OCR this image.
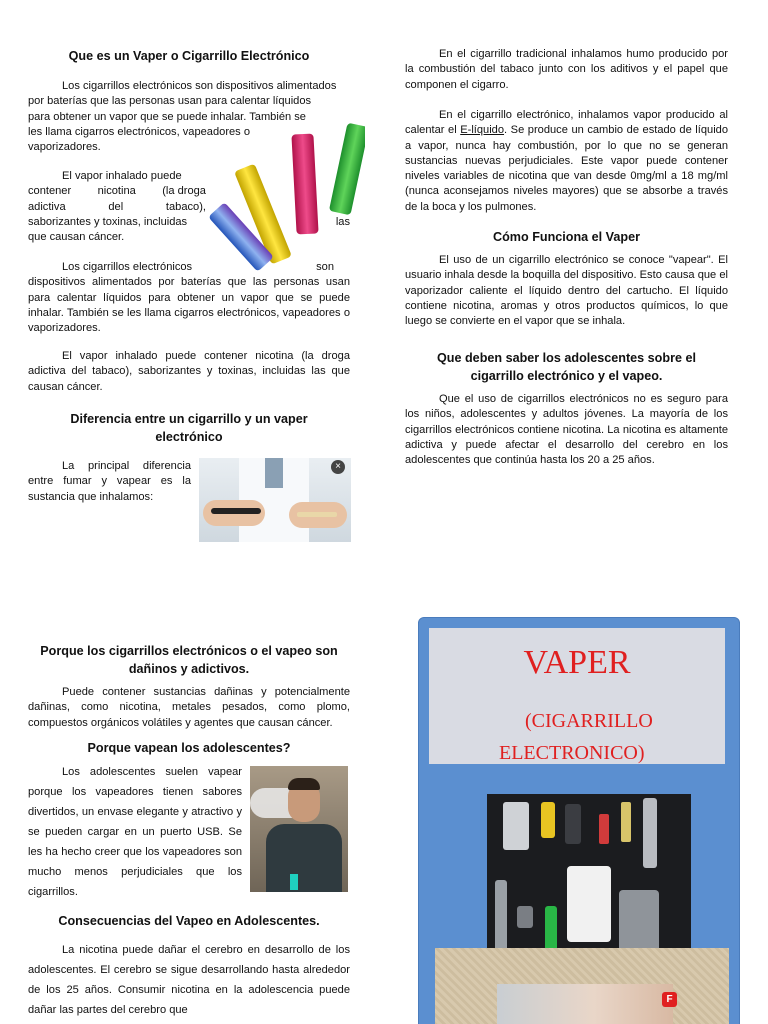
Que es un Vaper o Cigarrillo Electrónico
Los cigarrillos electrónicos son dispositivos alimentados
por baterías que las personas usan para calentar líquidos
para obtener un vapor que se puede inhalar. También se
les llama cigarros electrónicos, vapeadores o
vaporizadores.
El vapor inhalado puede
contener nicotina (la droga
adictiva	del	tabaco),
saborizantes y toxinas, incluidas	las
que causan cáncer.
Los cigarrillos electrónicos	son
dispositivos alimentados por baterías que las personas usan para calentar líquidos para obtener un vapor que se puede inhalar. También se les llama cigarros electrónicos, vapeadores o vaporizadores.
El vapor inhalado puede contener nicotina (la droga adictiva del tabaco), saborizantes y toxinas, incluidas las que causan cáncer.
Diferencia entre un cigarrillo y un vaper
electrónico
La principal diferencia entre fumar y vapear es la sustancia que inhalamos:
×
En el cigarrillo tradicional inhalamos humo producido por la combustión del tabaco junto con los aditivos y el papel que componen el cigarro.
En el cigarrillo electrónico, inhalamos vapor producido al calentar el E-líquido. Se produce un cambio de estado de líquido a vapor, nunca hay combustión, por lo que no se generan sustancias nuevas perjudiciales. Este vapor puede contener niveles variables de nicotina que van desde 0mg/ml a 18 mg/ml (nunca aconsejamos niveles mayores) que se absorbe a través de la boca y los pulmones.
Cómo Funciona el Vaper
El uso de un cigarrillo electrónico se conoce "vapear". El usuario inhala desde la boquilla del dispositivo. Esto causa que el vaporizador caliente el líquido dentro del cartucho. El líquido contiene nicotina, aromas y otros productos químicos, lo que luego se convierte en el vapor que se inhala.
Que deben saber los adolescentes sobre el
cigarrillo electrónico y el vapeo.
Que el uso de cigarrillos electrónicos no es seguro para los niños, adolescentes y adultos jóvenes. La mayoría de los cigarrillos electrónicos contiene nicotina. La nicotina es altamente adictiva y puede afectar el desarrollo del cerebro en los adolescentes que continúa hasta los 20 a 25 años.
Porque los cigarrillos electrónicos o el vapeo son
dañinos y adictivos.
Puede contener sustancias dañinas y potencialmente dañinas, como nicotina, metales pesados, como plomo, compuestos orgánicos volátiles y agentes que causan cáncer.
Porque vapean los adolescentes?
Los adolescentes suelen vapear porque los vapeadores tienen sabores divertidos, un envase elegante y atractivo y se pueden cargar en un puerto USB. Se les ha hecho creer que los vapeadores son mucho menos perjudiciales que los cigarrillos.
Consecuencias del Vapeo en Adolescentes.
La nicotina puede dañar el cerebro en desarrollo de los adolescentes. El cerebro se sigue desarrollando hasta alrededor de los 25 años. Consumir nicotina en la adolescencia puede dañar las partes del cerebro que
VAPER
(CIGARRILLO
ELECTRONICO)
F
